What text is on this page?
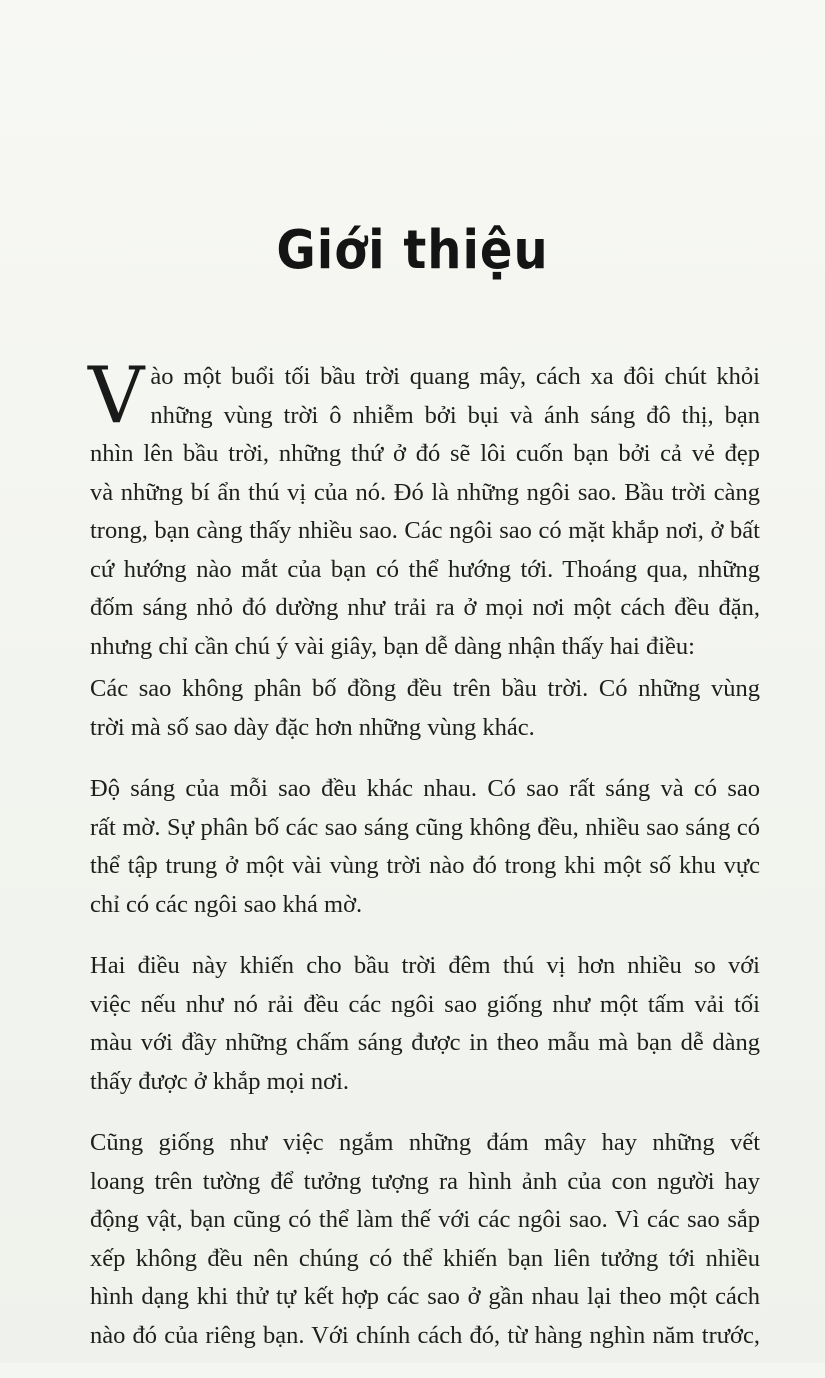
Giới thiệu

V ào một buổi tối bầu trời quang mây, cách xa đôi chút khỏi
những vùng trời ô nhiễm bởi bụi và ánh sáng đô thị, bạn
nhìn lên bầu trời, những thứ ở đó sẽ lôi cuốn bạn bởi cả vẻ đẹp
và những bí ẩn thú vị của nó. Đó là những ngôi sao. Bầu trời càng
trong, bạn càng thấy nhiều sao. Các ngôi sao có mặt khắp nơi, ở bất
cứ hướng nào mắt của bạn có thể hướng tới. Thoáng qua, những
đốm sáng nhỏ đó dường như trải ra ở mọi nơi một cách đều đặn,
nhưng chỉ cần chú ý vài giây, bạn dễ dàng nhận thấy hai điều:

Các sao không phân bố đồng đều trên bầu trời. Có những vùng
trời mà số sao dày đặc hơn những vùng khác.

Độ sáng của mỗi sao đều khác nhau. Có sao rất sáng và có sao
rất mờ. Sự phân bố các sao sáng cũng không đều, nhiều sao sáng có
thể tập trung ở một vài vùng trời nào đó trong khi một số khu vực
chỉ có các ngôi sao khá mờ.

Hai điều này khiến cho bầu trời đêm thú vị hơn nhiều so với
việc nếu như nó rải đều các ngôi sao giống như một tấm vải tối
màu với đầy những chấm sáng được in theo mẫu mà bạn dễ dàng
thấy được ở khắp mọi nơi.

Cũng giống như việc ngắm những đám mây hay những vết
loang trên tường để tưởng tượng ra hình ảnh của con người hay
động vật, bạn cũng có thể làm thế với các ngôi sao. Vì các sao sắp
xếp không đều nên chúng có thể khiến bạn liên tưởng tới nhiều
hình dạng khi thử tự kết hợp các sao ở gần nhau lại theo một cách
nào đó của riêng bạn. Với chính cách đó, từ hàng nghìn năm trước,
